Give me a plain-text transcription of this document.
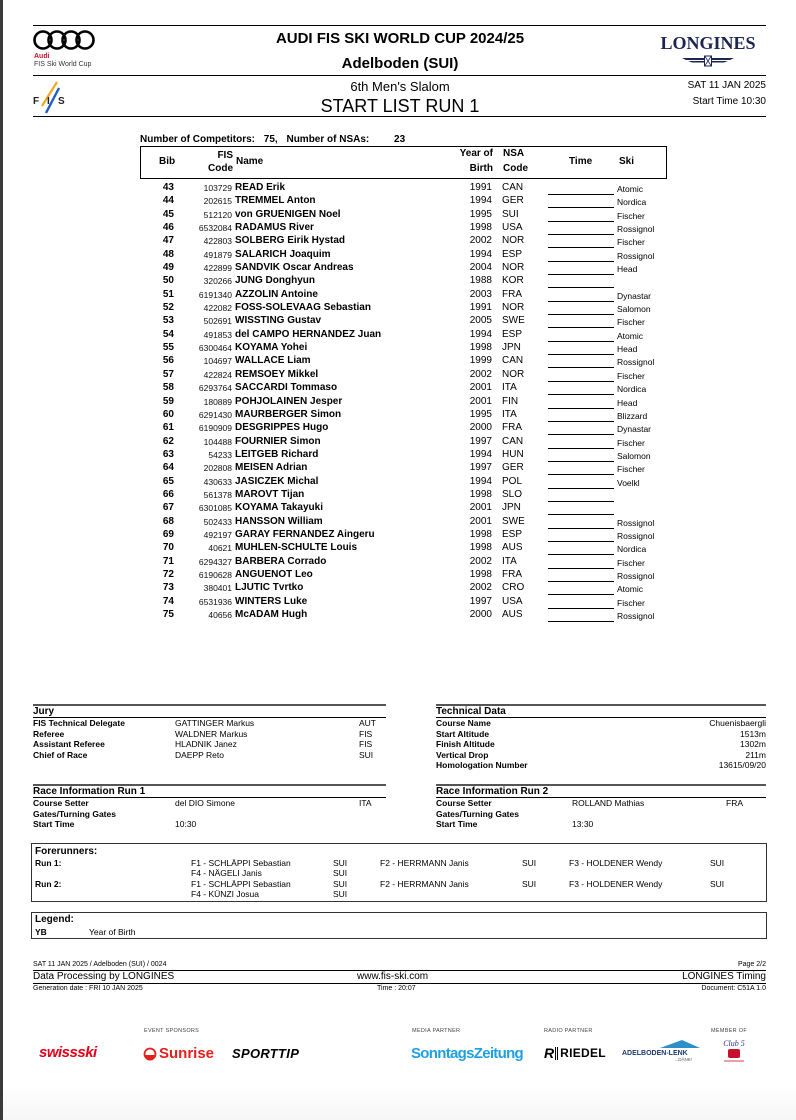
Audi
FIS Ski World Cup
AUDI FIS SKI WORLD CUP 2024/25
Adelboden (SUI)
LONGINES
F I S
6th Men's Slalom
START LIST RUN 1
SAT 11 JAN 2025
Start Time 10:30
Number of Competitors: 75, Number of NSAs: 23
Bib
FIS
Code
Name
Year of
Birth
NSA
Code
Time	Ski
43	103729 READ Erik	1991 CAN	Atomic
44	202615 TREMMEL Anton	1994 GER	Nordica
45	512120 von GRUENIGEN Noel	1995 SUI	Fischer
46	6532084 RADAMUS River	1998 USA	Rossignol
47	422803 SOLBERG Eirik Hystad	2002 NOR	Fischer
48	491879 SALARICH Joaquim	1994 ESP	Rossignol
49	422899 SANDVIK Oscar Andreas	2004 NOR	Head
50	320266 JUNG Donghyun	1988 KOR
51	6191340 AZZOLIN Antoine	2003 FRA	Dynastar
52	422082 FOSS-SOLEVAAG Sebastian	1991 NOR	Salomon
53	502691 WISSTING Gustav	2005 SWE	Fischer
54	491853 del CAMPO HERNANDEZ Juan	1994 ESP	Atomic
55	6300464 KOYAMA Yohei	1998 JPN	Head
56	104697 WALLACE Liam	1999 CAN	Rossignol
57	422824 REMSOEY Mikkel	2002 NOR	Fischer
58	6293764 SACCARDI Tommaso	2001 ITA	Nordica
59	180889 POHJOLAINEN Jesper	2001 FIN	Head
60	6291430 MAURBERGER Simon	1995 ITA	Blizzard
61	6190909 DESGRIPPES Hugo	2000 FRA	Dynastar
62	104488 FOURNIER Simon	1997 CAN	Fischer
63	54233 LEITGEB Richard	1994 HUN	Salomon
64	202808 MEISEN Adrian	1997 GER	Fischer
65	430633 JASICZEK Michal	1994 POL	Voelkl
66	561378 MAROVT Tijan	1998 SLO
67	6301085 KOYAMA Takayuki	2001 JPN
68	502433 HANSSON William	2001 SWE	Rossignol
69	492197 GARAY FERNANDEZ Aingeru	1998 ESP	Rossignol
70	40621 MUHLEN-SCHULTE Louis	1998 AUS	Nordica
71	6294327 BARBERA Corrado	2002 ITA	Fischer
72	6190628 ANGUENOT Leo	1998 FRA	Rossignol
73	380401 LJUTIC Tvrtko	2002 CRO	Atomic
74	6531936 WINTERS Luke	1997 USA	Fischer
75	40656 McADAM Hugh	2000 AUS	Rossignol
Jury
FIS Technical Delegate	GATTINGER Markus	AUT
Referee	WALDNER Markus	FIS
Assistant Referee	HLADNIK Janez	FIS
Chief of Race	DAEPP Reto	SUI
Technical Data
Course Name	Chuenisbaergli
Start Altitude	1513m
Finish Altitude	1302m
Vertical Drop	211m
Homologation Number	13615/09/20
Race Information Run 1
Course Setter	del DIO Simone	ITA
Gates/Turning Gates
Start Time	10:30
Race Information Run 2
Course Setter	ROLLAND Mathias	FRA
Gates/Turning Gates
Start Time	13:30
Forerunners:
Run 1:	F1 - SCHLÄPPI Sebastian	SUI	F2 - HERRMANN Janis	SUI	F3 - HOLDENER Wendy	SUI
F4 - NÄGELI Janis	SUI
Run 2:	F1 - SCHLÄPPI Sebastian	SUI	F2 - HERRMANN Janis	SUI	F3 - HOLDENER Wendy	SUI
F4 - KÜNZI Josua	SUI
Legend:
YB	Year of Birth
SAT 11 JAN 2025 / Adelboden (SUI) / 0024	Page 2/2
Data Processing by LONGINES	www.fis-ski.com	LONGINES Timing
Generation date : FRI 10 JAN 2025	Time : 20:07	Document: C51A 1.0
EVENT SPONSORS	MEDIA PARTNER	RADIO PARTNER	MEMBER OF
swissski	Sunrise SPORTTIP	SonntagsZeitung R RIEDEL ADELBODEN-LENK
...DÄNK!
Club 5
